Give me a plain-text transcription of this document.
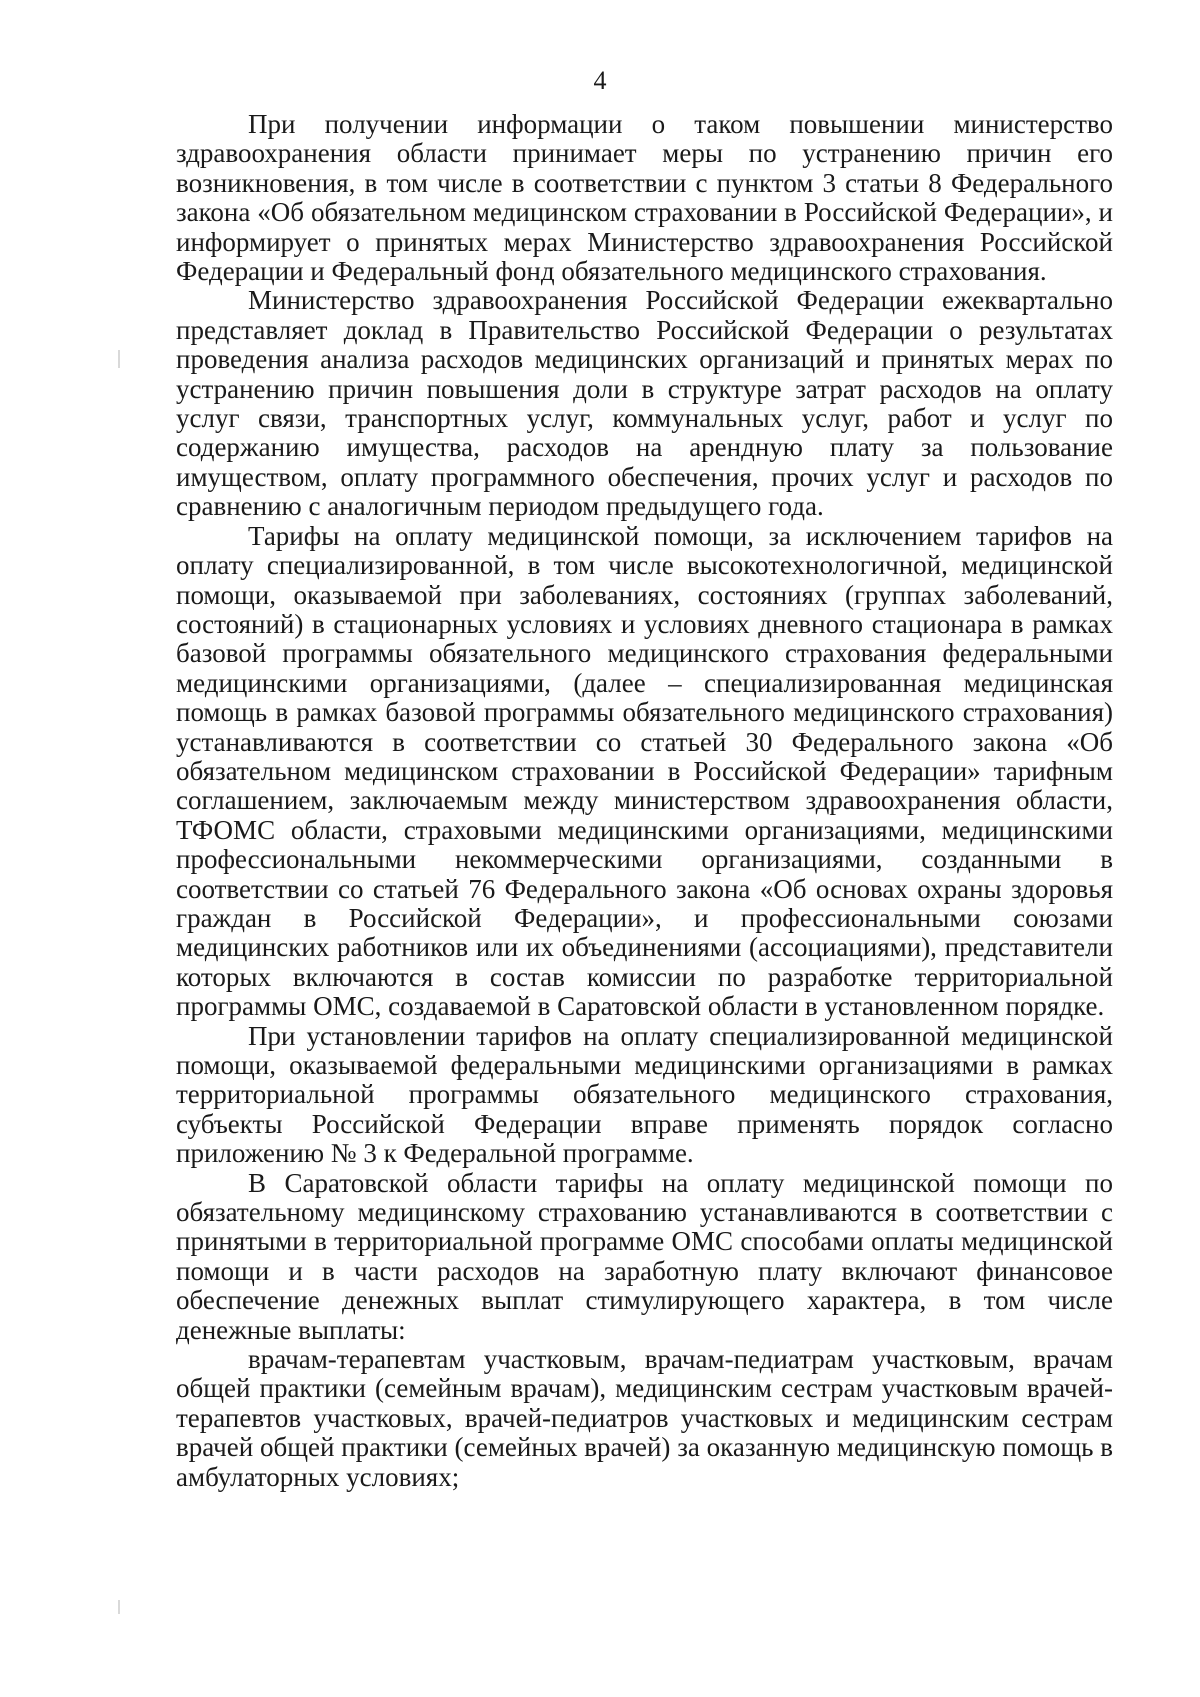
4

При получении информации о таком повышении министерство здравоохранения области принимает меры по устранению причин его возникновения, в том числе в соответствии с пунктом 3 статьи 8 Федерального закона «Об обязательном медицинском страховании в Российской Федерации», и информирует о принятых мерах Министерство здравоохранения Российской Федерации и Федеральный фонд обязательного медицинского страхования.

Министерство здравоохранения Российской Федерации ежеквартально представляет доклад в Правительство Российской Федерации о результатах проведения анализа расходов медицинских организаций и принятых мерах по устранению причин повышения доли в структуре затрат расходов на оплату услуг связи, транспортных услуг, коммунальных услуг, работ и услуг по содержанию имущества, расходов на арендную плату за пользование имуществом, оплату программного обеспечения, прочих услуг и расходов по сравнению с аналогичным периодом предыдущего года.

Тарифы на оплату медицинской помощи, за исключением тарифов на оплату специализированной, в том числе высокотехнологичной, медицинской помощи, оказываемой при заболеваниях, состояниях (группах заболеваний, состояний) в стационарных условиях и условиях дневного стационара в рамках базовой программы обязательного медицинского страхования федеральными медицинскими организациями, (далее – специализированная медицинская помощь в рамках базовой программы обязательного медицинского страхования) устанавливаются в соответствии со статьей 30 Федерального закона «Об обязательном медицинском страховании в Российской Федерации» тарифным соглашением, заключаемым между министерством здравоохранения области, ТФОМС области, страховыми медицинскими организациями, медицинскими профессиональными некоммерческими организациями, созданными в соответствии со статьей 76 Федерального закона «Об основах охраны здоровья граждан в Российской Федерации», и профессиональными союзами медицинских работников или их объединениями (ассоциациями), представители которых включаются в состав комиссии по разработке территориальной программы ОМС, создаваемой в Саратовской области в установленном порядке.

При установлении тарифов на оплату специализированной медицинской помощи, оказываемой федеральными медицинскими организациями в рамках территориальной программы обязательного медицинского страхования, субъекты Российской Федерации вправе применять порядок согласно приложению № 3 к Федеральной программе.

В Саратовской области тарифы на оплату медицинской помощи по обязательному медицинскому страхованию устанавливаются в соответствии с принятыми в территориальной программе ОМС способами оплаты медицинской помощи и в части расходов на заработную плату включают финансовое обеспечение денежных выплат стимулирующего характера, в том числе денежные выплаты:

врачам-терапевтам участковым, врачам-педиатрам участковым, врачам общей практики (семейным врачам), медицинским сестрам участковым врачей-терапевтов участковых, врачей-педиатров участковых и медицинским сестрам врачей общей практики (семейных врачей) за оказанную медицинскую помощь в амбулаторных условиях;
